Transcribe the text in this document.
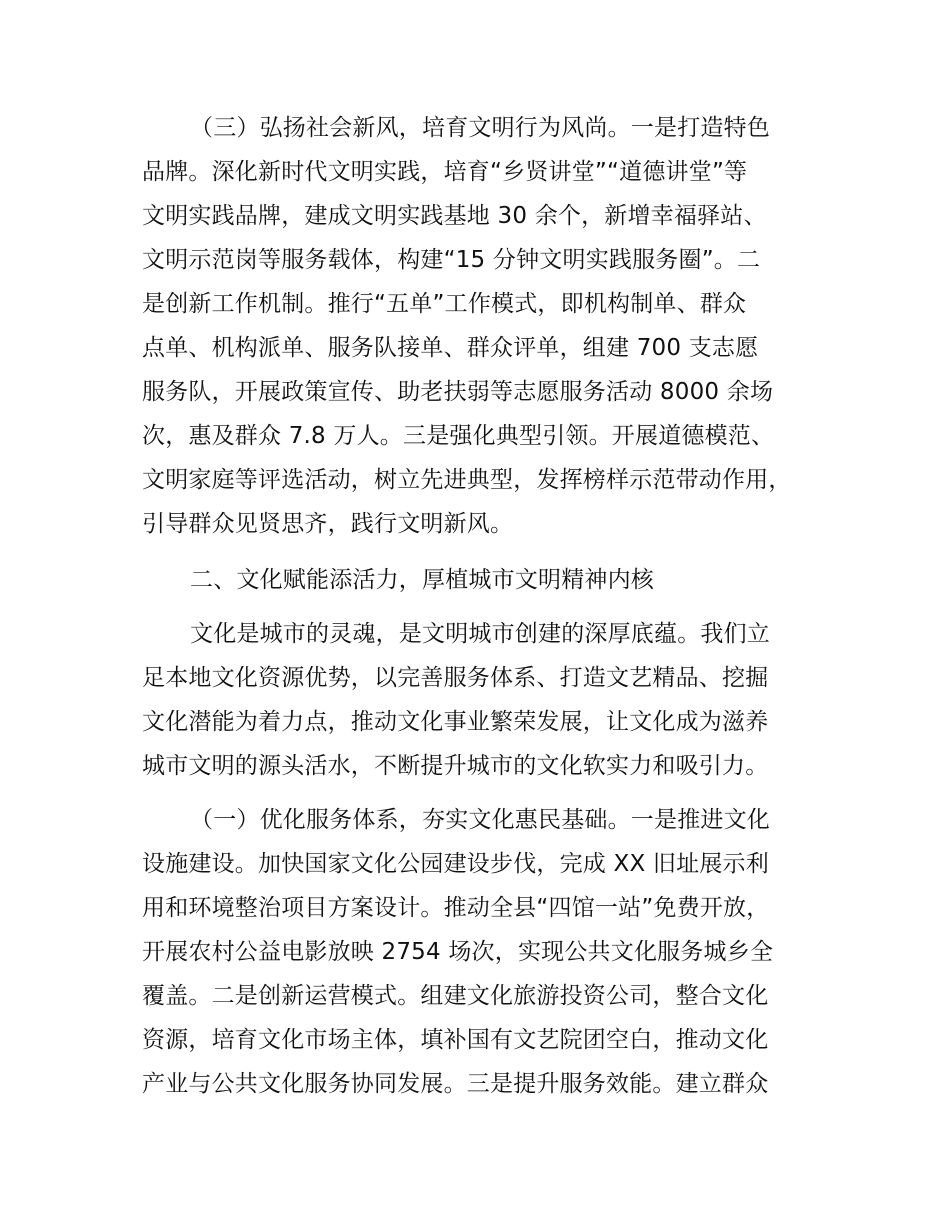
（三）弘扬社会新风，培育文明行为风尚。一是打造特色
品牌。深化新时代文明实践，培育“乡贤讲堂”“道德讲堂”等
文明实践品牌，建成文明实践基地 30 余个，新增幸福驿站、
文明示范岗等服务载体，构建“15 分钟文明实践服务圈”。二
是创新工作机制。推行“五单”工作模式，即机构制单、群众
点单、机构派单、服务队接单、群众评单，组建 700 支志愿
服务队，开展政策宣传、助老扶弱等志愿服务活动 8000 余场
次，惠及群众 7.8 万人。三是强化典型引领。开展道德模范、
文明家庭等评选活动，树立先进典型，发挥榜样示范带动作用，
引导群众见贤思齐，践行文明新风。
二、文化赋能添活力，厚植城市文明精神内核
文化是城市的灵魂，是文明城市创建的深厚底蕴。我们立
足本地文化资源优势，以完善服务体系、打造文艺精品、挖掘
文化潜能为着力点，推动文化事业繁荣发展，让文化成为滋养
城市文明的源头活水，不断提升城市的文化软实力和吸引力。
（一）优化服务体系，夯实文化惠民基础。一是推进文化
设施建设。加快国家文化公园建设步伐，完成 XX 旧址展示利
用和环境整治项目方案设计。推动全县“四馆一站”免费开放，
开展农村公益电影放映 2754 场次，实现公共文化服务城乡全
覆盖。二是创新运营模式。组建文化旅游投资公司，整合文化
资源，培育文化市场主体，填补国有文艺院团空白，推动文化
产业与公共文化服务协同发展。三是提升服务效能。建立群众
